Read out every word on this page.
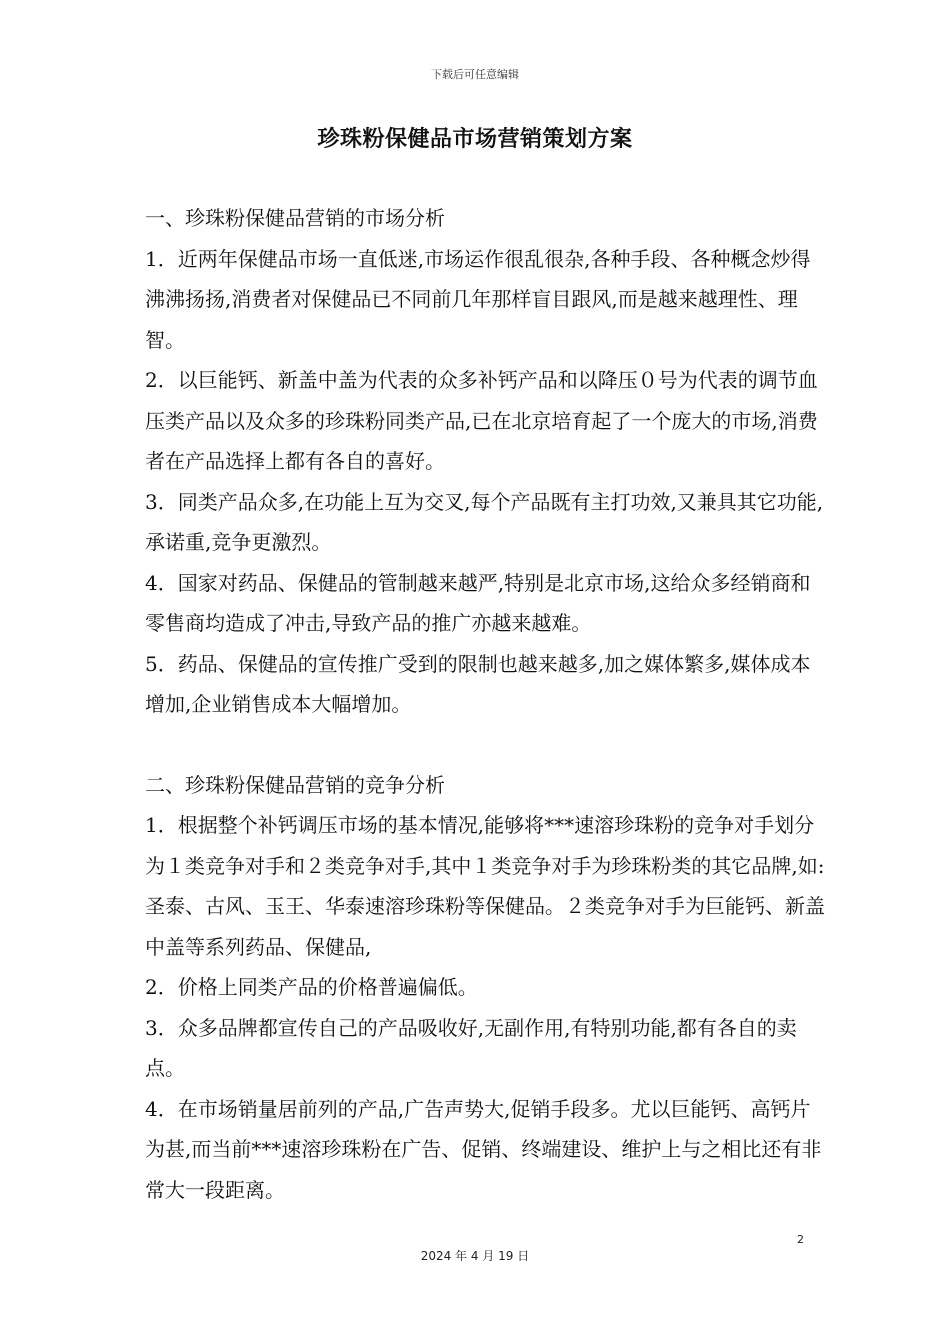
下载后可任意编辑
珍珠粉保健品市场营销策划方案

一、珍珠粉保健品营销的市场分析

1．近两年保健品市场一直低迷,市场运作很乱很杂,各种手段、各种概念炒得沸沸扬扬,消费者对保健品已不同前几年那样盲目跟风,而是越来越理性、理智。

2．以巨能钙、新盖中盖为代表的众多补钙产品和以降压０号为代表的调节血压类产品以及众多的珍珠粉同类产品,已在北京培育起了一个庞大的市场,消费者在产品选择上都有各自的喜好。

3．同类产品众多,在功能上互为交叉,每个产品既有主打功效,又兼具其它功能,承诺重,竞争更激烈。

4．国家对药品、保健品的管制越来越严,特别是北京市场,这给众多经销商和零售商均造成了冲击,导致产品的推广亦越来越难。

5．药品、保健品的宣传推广受到的限制也越来越多,加之媒体繁多,媒体成本增加,企业销售成本大幅增加。

二、珍珠粉保健品营销的竞争分析

1．根据整个补钙调压市场的基本情况,能够将***速溶珍珠粉的竞争对手划分为１类竞争对手和２类竞争对手,其中１类竞争对手为珍珠粉类的其它品牌,如:圣泰、古风、玉王、华泰速溶珍珠粉等保健品。２类竞争对手为巨能钙、新盖中盖等系列药品、保健品,

2．价格上同类产品的价格普遍偏低。

3．众多品牌都宣传自己的产品吸收好,无副作用,有特别功能,都有各自的卖点。

4．在市场销量居前列的产品,广告声势大,促销手段多。尤以巨能钙、高钙片为甚,而当前***速溶珍珠粉在广告、促销、终端建设、维护上与之相比还有非常大一段距离。

2
2024 年 4 月 19 日
